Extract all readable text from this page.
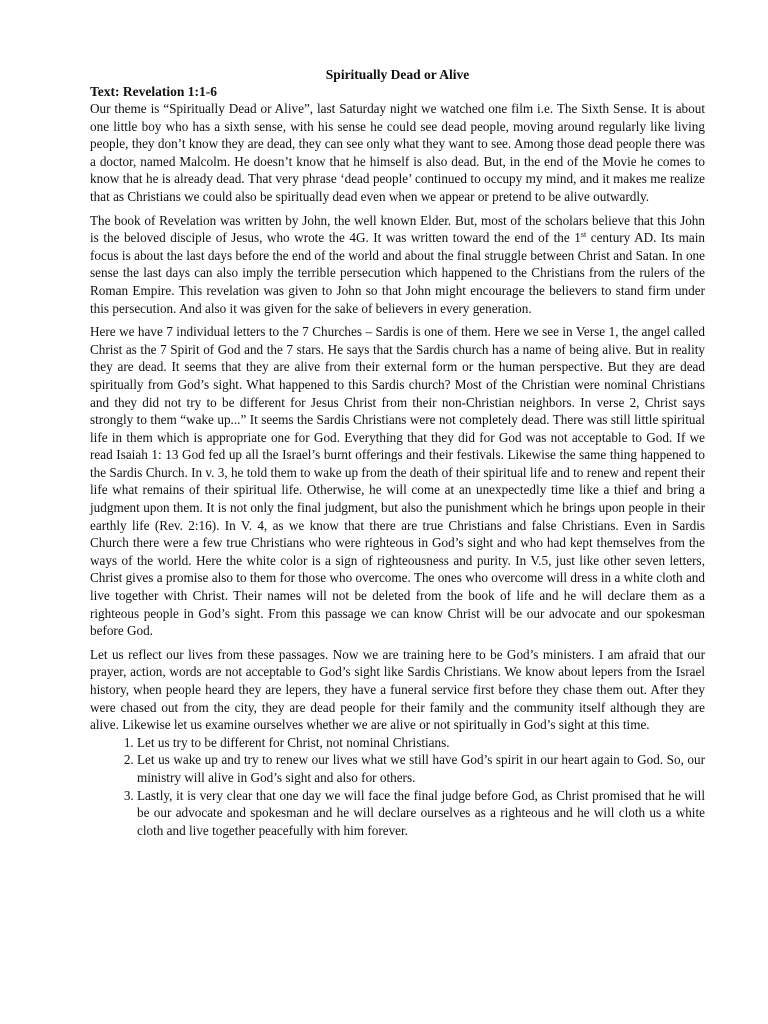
Spiritually Dead or Alive

Text: Revelation 1:1-6

Our theme is “Spiritually Dead or Alive”, last Saturday night we watched one film i.e. The Sixth Sense. It is about one little boy who has a sixth sense, with his sense he could see dead people, moving around regularly like living people, they don’t know they are dead, they can see only what they want to see. Among those dead people there was a doctor, named Malcolm. He doesn’t know that he himself is also dead. But, in the end of the Movie he comes to know that he is already dead. That very phrase ‘dead people’ continued to occupy my mind, and it makes me realize that as Christians we could also be spiritually dead even when we appear or pretend to be alive outwardly.

The book of Revelation was written by John, the well known Elder. But, most of the scholars believe that this John is the beloved disciple of Jesus, who wrote the 4G. It was written toward the end of the 1st century AD. Its main focus is about the last days before the end of the world and about the final struggle between Christ and Satan. In one sense the last days can also imply the terrible persecution which happened to the Christians from the rulers of the Roman Empire. This revelation was given to John so that John might encourage the believers to stand firm under this persecution. And also it was given for the sake of believers in every generation.

Here we have 7 individual letters to the 7 Churches – Sardis is one of them. Here we see in Verse 1, the angel called Christ as the 7 Spirit of God and the 7 stars. He says that the Sardis church has a name of being alive. But in reality they are dead. It seems that they are alive from their external form or the human perspective. But they are dead spiritually from God’s sight. What happened to this Sardis church? Most of the Christian were nominal Christians and they did not try to be different for Jesus Christ from their non-Christian neighbors. In verse 2, Christ says strongly to them “wake up...” It seems the Sardis Christians were not completely dead. There was still little spiritual life in them which is appropriate one for God. Everything that they did for God was not acceptable to God. If we read Isaiah 1: 13 God fed up all the Israel’s burnt offerings and their festivals. Likewise the same thing happened to the Sardis Church. In v. 3, he told them to wake up from the death of their spiritual life and to renew and repent their life what remains of their spiritual life. Otherwise, he will come at an unexpectedly time like a thief and bring a judgment upon them. It is not only the final judgment, but also the punishment which he brings upon people in their earthly life (Rev. 2:16). In V. 4, as we know that there are true Christians and false Christians. Even in Sardis Church there were a few true Christians who were righteous in God’s sight and who had kept themselves from the ways of the world. Here the white color is a sign of righteousness and purity. In V.5, just like other seven letters, Christ gives a promise also to them for those who overcome. The ones who overcome will dress in a white cloth and live together with Christ. Their names will not be deleted from the book of life and he will declare them as a righteous people in God’s sight. From this passage we can know Christ will be our advocate and our spokesman before God.

Let us reflect our lives from these passages. Now we are training here to be God’s ministers. I am afraid that our prayer, action, words are not acceptable to God’s sight like Sardis Christians. We know about lepers from the Israel history, when people heard they are lepers, they have a funeral service first before they chase them out. After they were chased out from the city, they are dead people for their family and the community itself although they are alive. Likewise let us examine ourselves whether we are alive or not spiritually in God’s sight at this time.

1. Let us try to be different for Christ, not nominal Christians.
2. Let us wake up and try to renew our lives what we still have God’s spirit in our heart again to God. So, our ministry will alive in God’s sight and also for others.
3. Lastly, it is very clear that one day we will face the final judge before God, as Christ promised that he will be our advocate and spokesman and he will declare ourselves as a righteous and he will cloth us a white cloth and live together peacefully with him forever.
